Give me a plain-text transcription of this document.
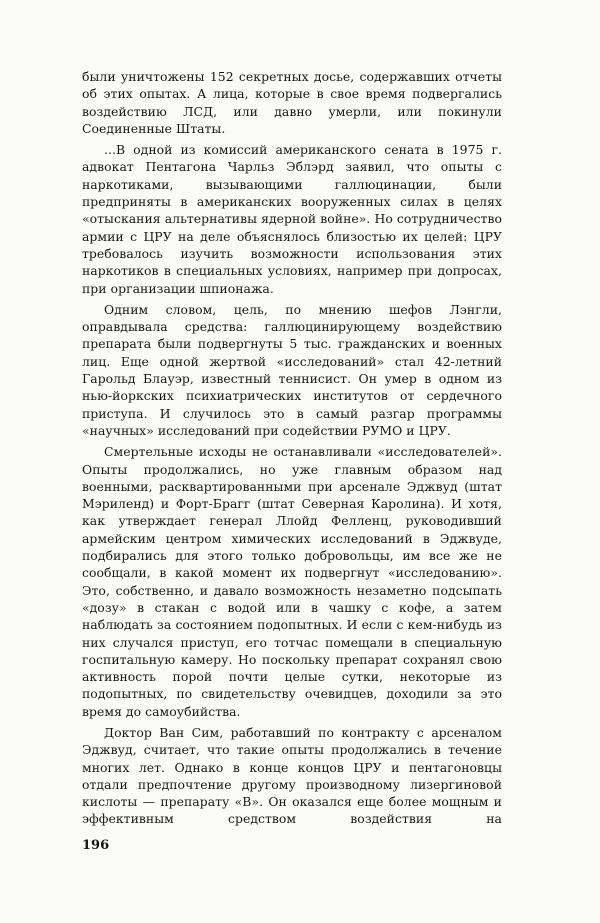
были уничтожены 152 секретных досье, содержавших отчеты об этих опытах. А лица, которые в свое время подвергались воздействию ЛСД, или давно умерли, или покинули Соединенные Штаты.

...В одной из комиссий американского сената в 1975 г. адвокат Пентагона Чарльз Эблэрд заявил, что опыты с наркотиками, вызывающими галлюцинации, были предприняты в американских вооруженных силах в целях «отыскания альтернативы ядерной войне». Но сотрудничество армии с ЦРУ на деле объяснялось близостью их целей: ЦРУ требовалось изучить возможности использования этих наркотиков в специальных условиях, например при допросах, при организации шпионажа.

Одним словом, цель, по мнению шефов Лэнгли, оправдывала средства: галлюцинирующему воздействию препарата были подвергнуты 5 тыс. гражданских и военных лиц. Еще одной жертвой «исследований» стал 42-летний Гарольд Блауэр, известный теннисист. Он умер в одном из нью-йоркских психиатрических институтов от сердечного приступа. И случилось это в самый разгар программы «научных» исследований при содействии РУМО и ЦРУ.

Смертельные исходы не останавливали «исследователей». Опыты продолжались, но уже главным образом над военными, расквартированными при арсенале Эджвуд (штат Мэриленд) и Форт-Брагг (штат Северная Каролина). И хотя, как утверждает генерал Ллойд Фелленц, руководивший армейским центром химических исследований в Эджвуде, подбирались для этого только добровольцы, им все же не сообщали, в какой момент их подвергнут «исследованию». Это, собственно, и давало возможность незаметно подсыпать «дозу» в стакан с водой или в чашку с кофе, а затем наблюдать за состоянием подопытных. И если с кем-нибудь из них случался приступ, его тотчас помещали в специальную госпитальную камеру. Но поскольку препарат сохранял свою активность порой почти целые сутки, некоторые из подопытных, по свидетельству очевидцев, доходили за это время до самоубийства.

Доктор Ван Сим, работавший по контракту с арсеналом Эджвуд, считает, что такие опыты продолжались в течение многих лет. Однако в конце концов ЦРУ и пентагоновцы отдали предпочтение другому производному лизергиновой кислоты — препарату «В». Он оказался еще более мощным и эффективным средством воздействия на

196
